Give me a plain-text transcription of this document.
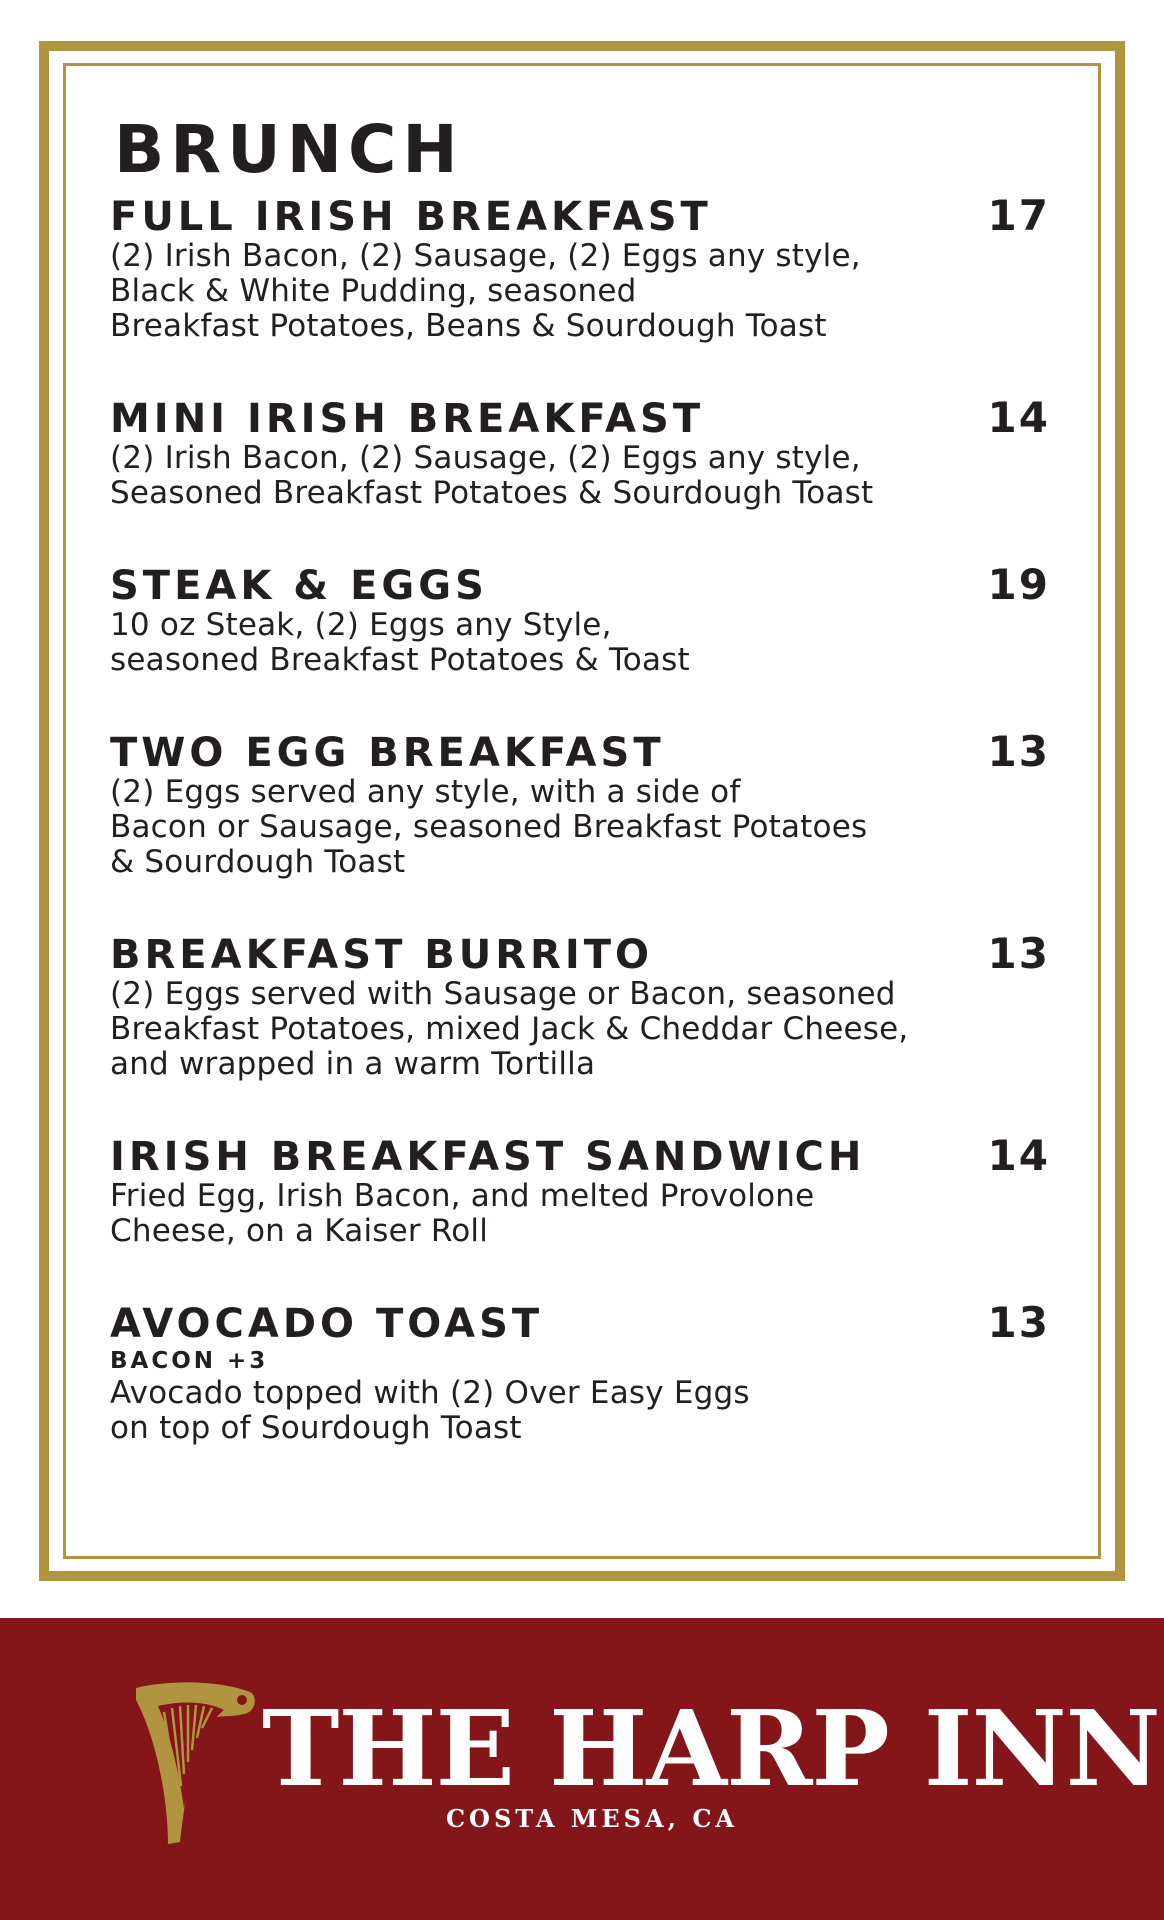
BRUNCH
FULL IRISH BREAKFAST	17

(2) Irish Bacon, (2) Sausage, (2) Eggs any style,
Black & White Pudding, seasoned
Breakfast Potatoes, Beans & Sourdough Toast

MINI IRISH BREAKFAST	14

(2) Irish Bacon, (2) Sausage, (2) Eggs any style,
Seasoned Breakfast Potatoes & Sourdough Toast

STEAK & EGGS	19

10 oz Steak, (2) Eggs any Style,
seasoned Breakfast Potatoes & Toast

TWO EGG BREAKFAST	13

(2) Eggs served any style, with a side of
Bacon or Sausage, seasoned Breakfast Potatoes
& Sourdough Toast

BREAKFAST BURRITO	13

(2) Eggs served with Sausage or Bacon, seasoned
Breakfast Potatoes, mixed Jack & Cheddar Cheese,
and wrapped in a warm Tortilla

IRISH BREAKFAST SANDWICH	14

Fried Egg, Irish Bacon, and melted Provolone
Cheese, on a Kaiser Roll

AVOCADO TOAST	13
BACON +3

Avocado topped with (2) Over Easy Eggs
on top of Sourdough Toast

THE HARP INN
COSTA MESA, CA
